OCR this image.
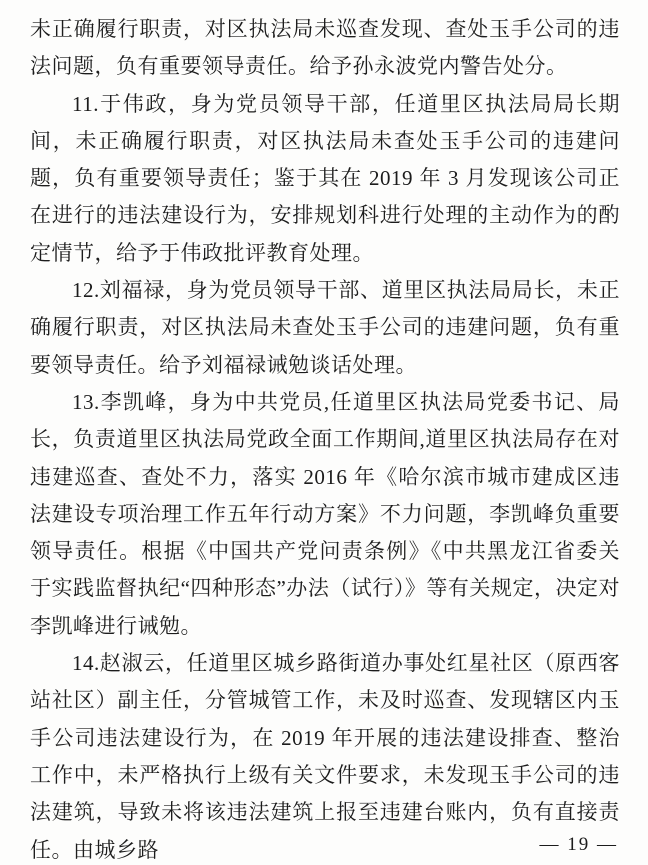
未正确履行职责，对区执法局未巡查发现、查处玉手公司的违法问题，负有重要领导责任。给予孙永波党内警告处分。

11.于伟政，身为党员领导干部，任道里区执法局局长期间，未正确履行职责，对区执法局未查处玉手公司的违建问题，负有重要领导责任；鉴于其在 2019 年 3 月发现该公司正在进行的违法建设行为，安排规划科进行处理的主动作为的酌定情节，给予于伟政批评教育处理。

12.刘福禄，身为党员领导干部、道里区执法局局长，未正确履行职责，对区执法局未查处玉手公司的违建问题，负有重要领导责任。给予刘福禄诫勉谈话处理。

13.李凯峰，身为中共党员,任道里区执法局党委书记、局长，负责道里区执法局党政全面工作期间,道里区执法局存在对违建巡查、查处不力，落实 2016 年《哈尔滨市城市建成区违法建设专项治理工作五年行动方案》不力问题，李凯峰负重要领导责任。根据《中国共产党问责条例》《中共黑龙江省委关于实践监督执纪“四种形态”办法（试行）》等有关规定，决定对李凯峰进行诫勉。

14.赵淑云，任道里区城乡路街道办事处红星社区（原西客站社区）副主任，分管城管工作，未及时巡查、发现辖区内玉手公司违法建设行为，在 2019 年开展的违法建设排查、整治工作中，未严格执行上级有关文件要求，未发现玉手公司的违法建筑，导致未将该违法建筑上报至违建台账内，负有直接责任。由城乡路	— 19 —
